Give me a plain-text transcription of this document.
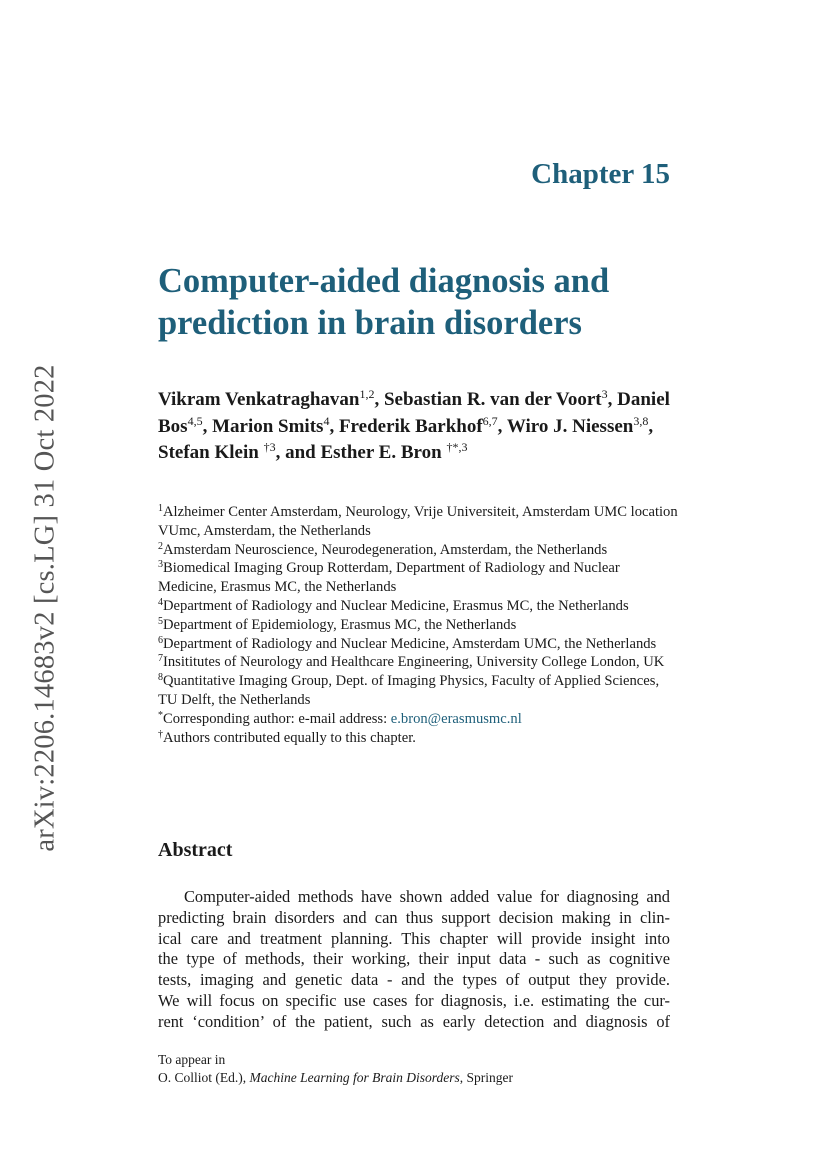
arXiv:2206.14683v2 [cs.LG] 31 Oct 2022
Chapter 15
Computer-aided diagnosis and
prediction in brain disorders
Vikram Venkatraghavan$^{1,2}$, Sebastian R. van der Voort$^3$, Daniel Bos$^{4,5}$, Marion Smits$^4$, Frederik Barkhof$^{6,7}$, Wiro J. Niessen$^{3,8}$, Stefan Klein $^{\dagger 3}$, and Esther E. Bron $^{\dagger*,3}$

$^1$Alzheimer Center Amsterdam, Neurology, Vrije Universiteit, Amsterdam UMC location VUmc, Amsterdam, the Netherlands

$^2$Amsterdam Neuroscience, Neurodegeneration, Amsterdam, the Netherlands

$^3$Biomedical Imaging Group Rotterdam, Department of Radiology and Nuclear Medicine, Erasmus MC, the Netherlands

$^4$Department of Radiology and Nuclear Medicine, Erasmus MC, the Netherlands

$^5$Department of Epidemiology, Erasmus MC, the Netherlands

$^6$Department of Radiology and Nuclear Medicine, Amsterdam UMC, the Netherlands

$^7$Insititutes of Neurology and Healthcare Engineering, University College London, UK

$^8$Quantitative Imaging Group, Dept. of Imaging Physics, Faculty of Applied Sciences, TU Delft, the Netherlands

*Corresponding author: e-mail address: e.bron@erasmusmc.nl

†Authors contributed equally to this chapter.

Abstract
Computer-aided methods have shown added value for diagnosing and
predicting brain disorders and can thus support decision making in clin-
ical care and treatment planning. This chapter will provide insight into
the type of methods, their working, their input data - such as cognitive
tests, imaging and genetic data - and the types of output they provide.
We will focus on specific use cases for diagnosis, i.e. estimating the cur-
rent ‘condition’ of the patient, such as early detection and diagnosis of
To appear in
O. Colliot (Ed.), Machine Learning for Brain Disorders, Springer
